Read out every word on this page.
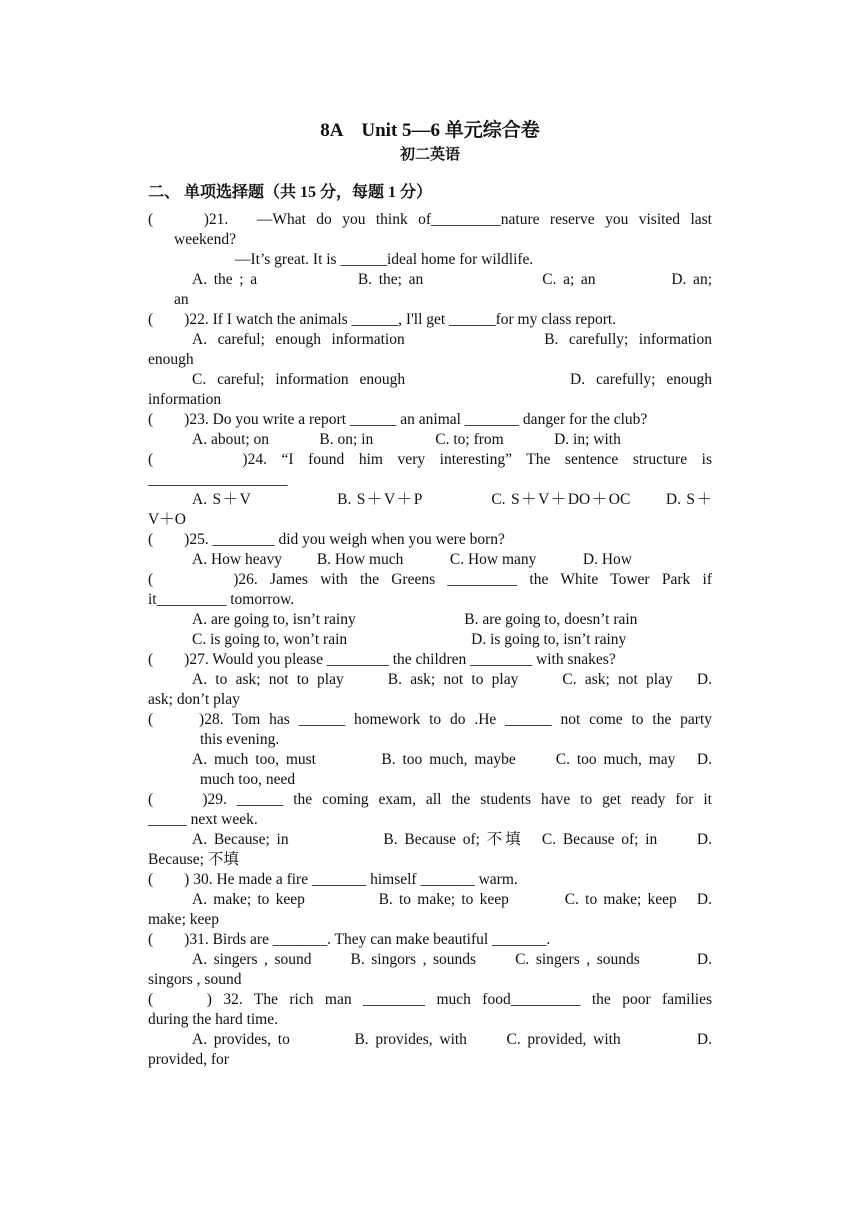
8A　Unit 5—6 单元综合卷

初二英语

二、 单项选择题（共 15 分，每题 1 分）

(　　)21.　—What do you think of_________nature reserve you visited last

weekend?

—It’s great. It is ______ideal home for wildlife.

A. the ; a　　　　　 B. the; an　　　　　　 C. a; an　　　　D. an;

an

(　　)22. If I watch the animals ______, I'll get ______for my class report.

A. careful; enough information　　　　　　B. carefully; information

enough

C. careful; information enough　　　　　　　D. carefully; enough

information

(　　)23. Do you write a report ______ an animal _______ danger for the club?

A. about; on　　　 B. on; in　　　　C. to; from　　　 D. in; with

(　　　)24. “I found him very interesting” The sentence structure is

__________________

A. S＋V　　　　　B. S＋V＋P　　　　C. S＋V＋DO＋OC　　D. S＋

V＋O

(　　)25. ________ did you weigh when you were born?

A. How heavy　　 B. How much　　　C. How many　　　D. How

(　　　)26. James with the Greens _________ the White Tower Park if

it_________ tomorrow.

A. are going to, isn’t rainy　　　　　　　B. are going to, doesn’t rain

C. is going to, won’t rain　　　　　　　　D. is going to, isn’t rainy

(　　)27. Would you please ________ the children ________ with snakes?

A. to ask; not to play　　B. ask; not to play　　C. ask; not play　D.

ask; don’t play

(　　)28. Tom has ______ homework to do .He ______ not come to the party

this evening.

A. much too, must　　　 B. too much, maybe　　C. too much, may　D.

much too, need

(　　)29. ______ the coming exam, all the students have to get ready for it

_____ next week.

A. Because; in　　　　　B. Because of; 不填　C. Because of; in　　D.

Because; 不填

(　　) 30. He made a fire _______ himself _______ warm.

A. make; to keep　　　　B. to make; to keep　　　C. to make; keep　D.

make; keep

(　　)31. Birds are _______. They can make beautiful _______.

A. singers , sound　　B. singors , sounds　　C. singers , sounds　　　D.

singors , sound

(　　) 32. The rich man ________ much food_________ the poor families

during the hard time.

A. provides, to　　　 B. provides, with　　C. provided, with　　　　D.

provided, for
